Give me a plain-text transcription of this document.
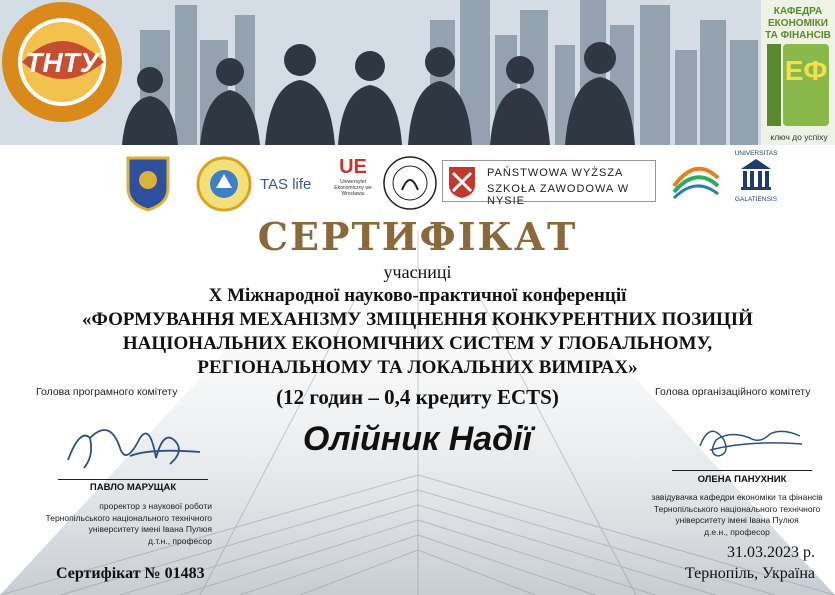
ТНТУ
КАФЕДРА
ЕКОНОМІКИ
ТА ФІНАНСІВ
ЕФ
ключ до успіху
TAS life
UE
Uniwersytet Ekonomiczny we Wrocławiu
PAŃSTWOWA WYŻSZA
SZKOŁA ZAWODOWA W NYSIE
UNIVERSITAS
GALATIENSIS
СЕРТИФІКАТ
учасниці
X Міжнародної науково-практичної конференції
«ФОРМУВАННЯ МЕХАНІЗМУ ЗМІЦНЕННЯ КОНКУРЕНТНИХ ПОЗИЦІЙ
НАЦІОНАЛЬНИХ ЕКОНОМІЧНИХ СИСТЕМ У ГЛОБАЛЬНОМУ,
РЕГІОНАЛЬНОМУ ТА ЛОКАЛЬНИХ ВИМІРАХ»
(12 годин – 0,4 кредиту ECTS)
Олійник Надії
Голова програмного комітету
ПАВЛО МАРУЩАК
проректор з наукової роботи
Тернопільського національного технічного
університету імені Івана Пулюя
д.т.н., професор
Голова організаційного комітету
ОЛЕНА ПАНУХНИК
завідувачка кафедри економіки та фінансів
Тернопільського національного технічного
університету імені Івана Пулюя
д.е.н., професор
Сертифікат № 01483
31.03.2023 р.
Тернопіль, Україна
